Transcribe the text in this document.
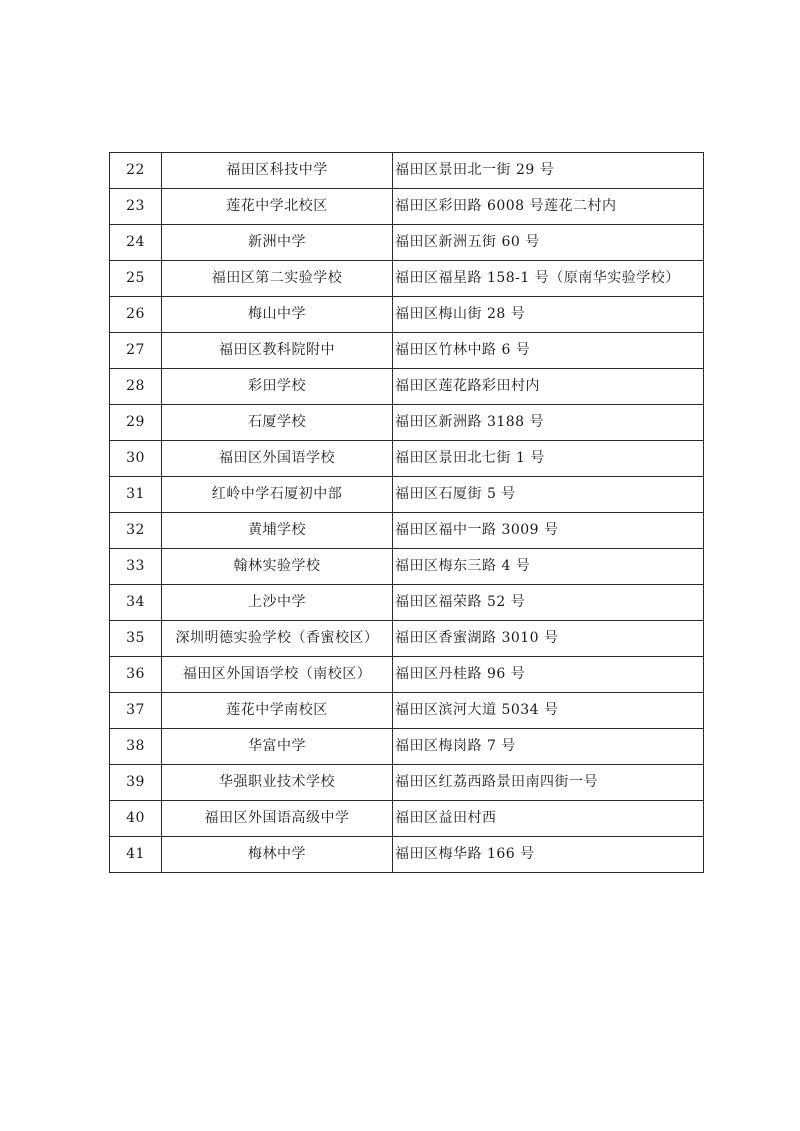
22	福田区科技中学	福田区景田北一街 29 号
23	莲花中学北校区	福田区彩田路 6008 号莲花二村内
24	新洲中学	福田区新洲五街 60 号
25	福田区第二实验学校	福田区福星路 158-1 号（原南华实验学校）
26	梅山中学	福田区梅山街 28 号
27	福田区教科院附中	福田区竹林中路 6 号
28	彩田学校	福田区莲花路彩田村内
29	石厦学校	福田区新洲路 3188 号
30	福田区外国语学校	福田区景田北七街 1 号
31	红岭中学石厦初中部	福田区石厦街 5 号
32	黄埔学校	福田区福中一路 3009 号
33	翰林实验学校	福田区梅东三路 4 号
34	上沙中学	福田区福荣路 52 号
35	深圳明德实验学校（香蜜校区）	福田区香蜜湖路 3010 号
36	福田区外国语学校（南校区）	福田区丹桂路 96 号
37	莲花中学南校区	福田区滨河大道 5034 号
38	华富中学	福田区梅岗路 7 号
39	华强职业技术学校	福田区红荔西路景田南四街一号
40	福田区外国语高级中学	福田区益田村西
41	梅林中学	福田区梅华路 166 号
